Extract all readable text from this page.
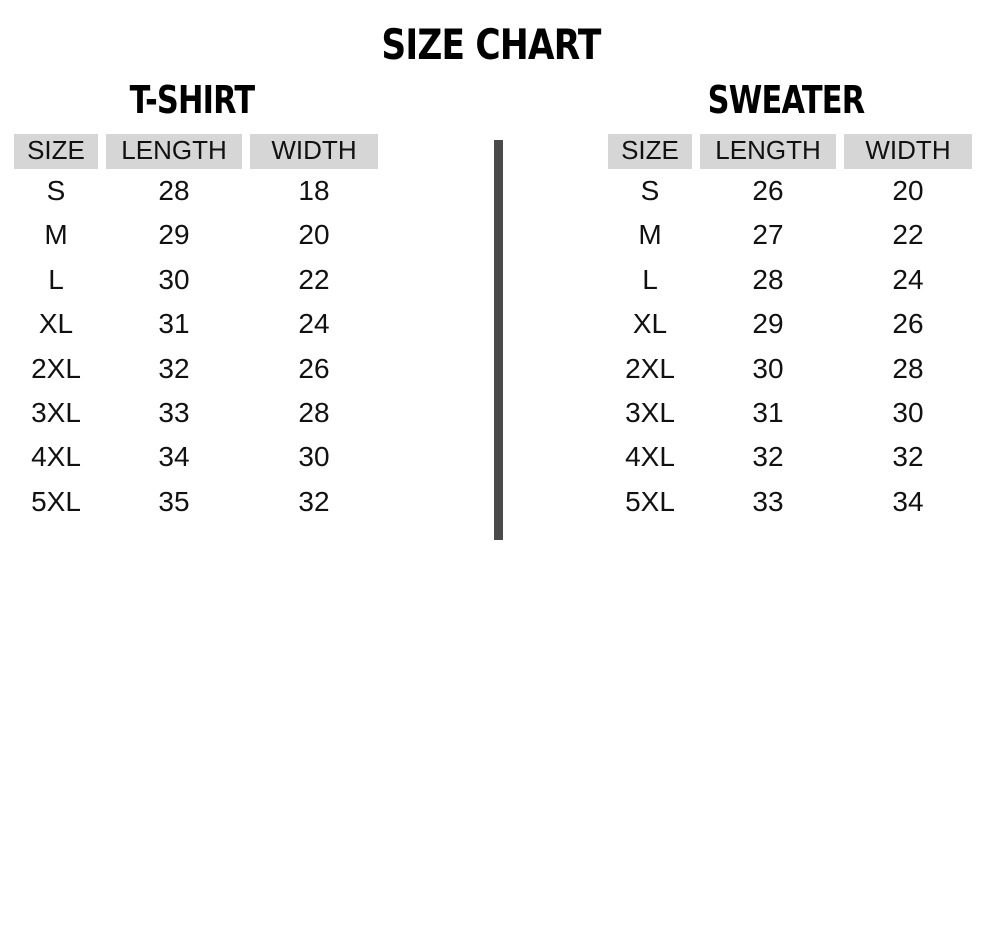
SIZE CHART
T-SHIRT
SIZE	LENGTH	WIDTH
S	28	18
M	29	20
L	30	22
XL	31	24
2XL	32	26
3XL	33	28
4XL	34	30
5XL	35	32
SWEATER
SIZE	LENGTH	WIDTH
S	26	20
M	27	22
L	28	24
XL	29	26
2XL	30	28
3XL	31	30
4XL	32	32
5XL	33	34
